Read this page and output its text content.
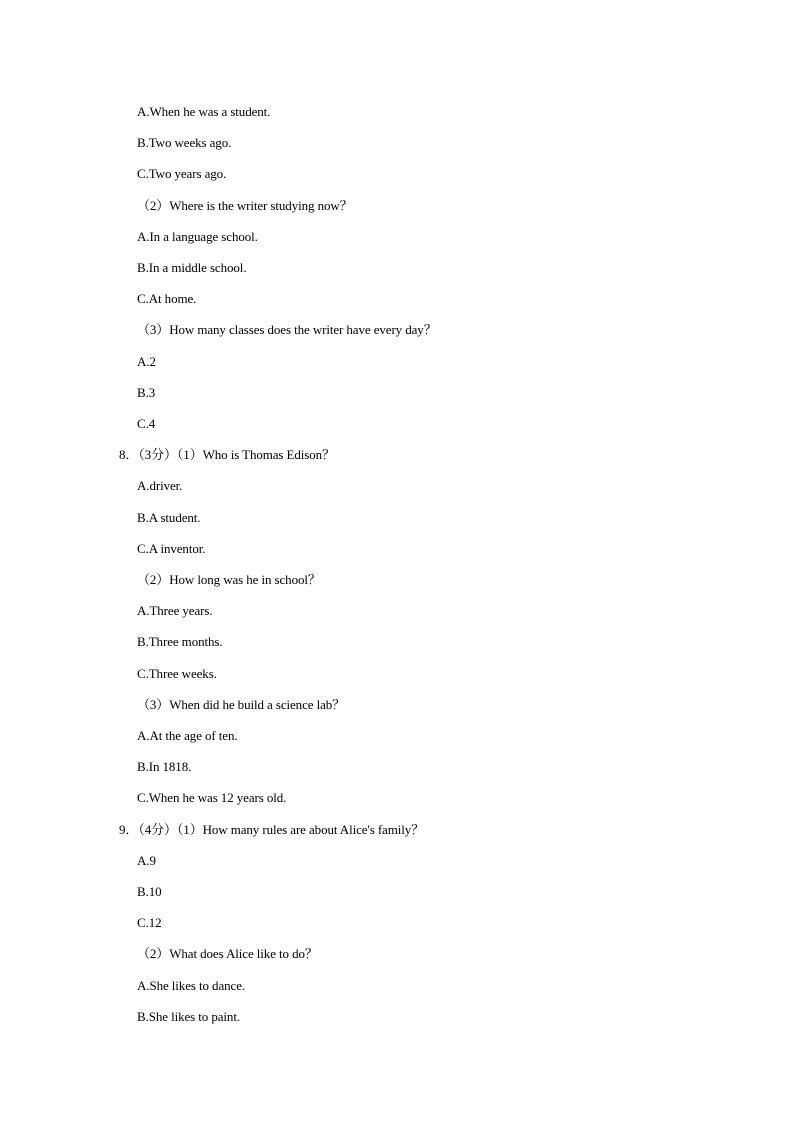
A.When he was a student.
B.Two weeks ago.
C.Two years ago.
（2）Where is the writer studying now？
A.In a language school.
B.In a middle school.
C.At home.
（3）How many classes does the writer have every day？
A.2
B.3
C.4
8．（3分）（1）Who is Thomas Edison？
A.driver.
B.A student.
C.A inventor.
（2）How long was he in school？
A.Three years.
B.Three months.
C.Three weeks.
（3）When did he build a science lab？
A.At the age of ten.
B.In 1818.
C.When he was 12 years old.
9．（4分）（1）How many rules are about Alice's family？
A.9
B.10
C.12
（2）What does Alice like to do？
A.She likes to dance.
B.She likes to paint.
